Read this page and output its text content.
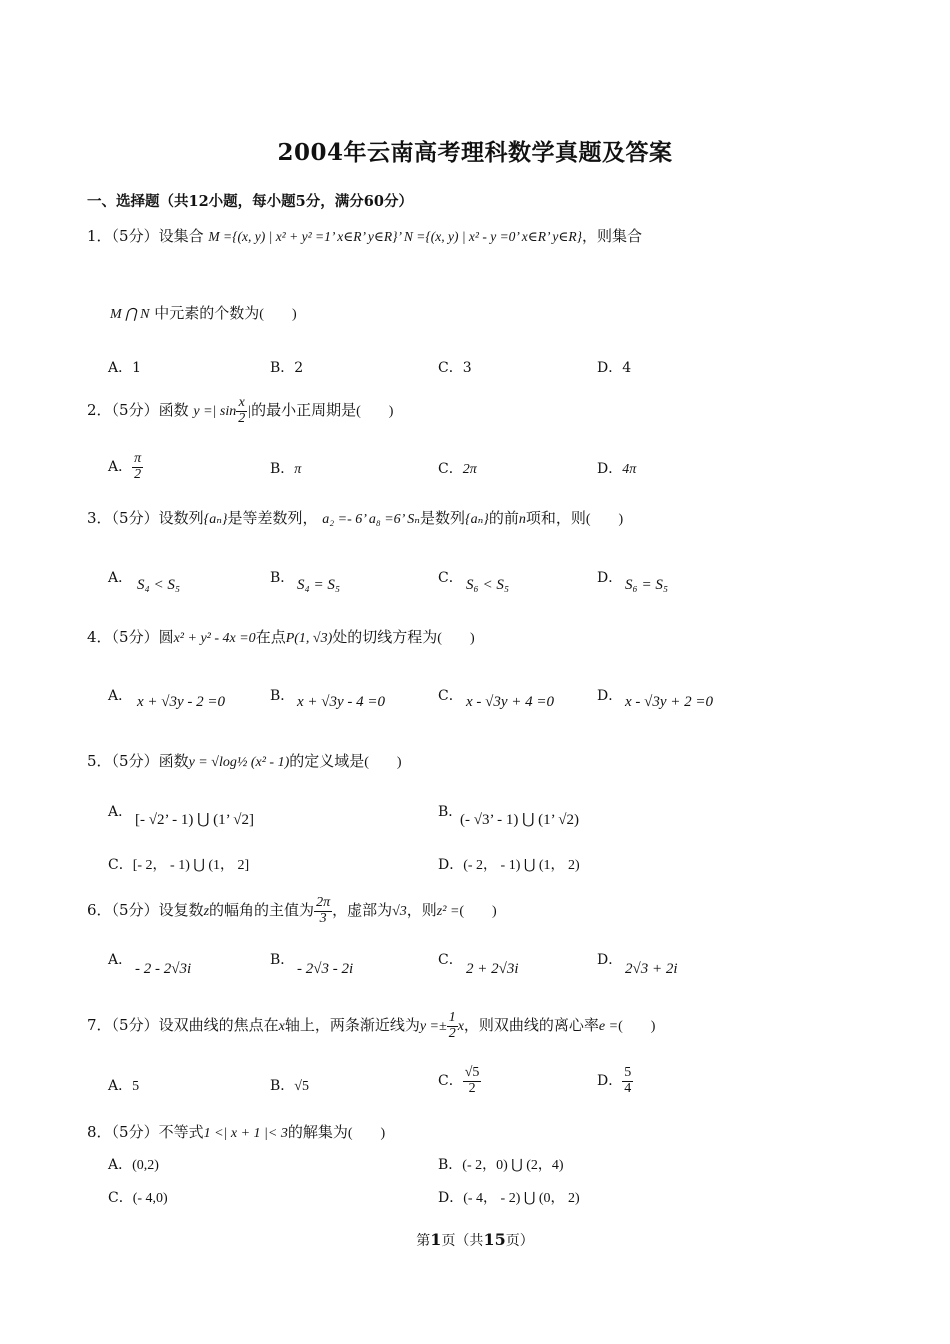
2004年云南高考理科数学真题及答案
一、选择题（共12小题，每小题5分，满分60分）
1．（5分）设集合 M ={(x, y) | x² + y² =1’ x∈R’ y∈R}’ N ={(x, y) | x² - y =0’ x∈R’ y∈R}，则集合
M ⋂ N 中元素的个数为(　　)
A．1	B．2	C．3	D．4
2．（5分）函数 y =| $\sin \frac{x}{2}$ |的最小正周期是(　　)
A． $\frac{\pi}{2}$	B．π	C．2π	D．4π
3．（5分）设数列{aₙ}是等差数列， a₂ =- 6’ a₈ =6’ Sₙ是数列{aₙ}的前n项和，则(　　)
A． S₄ < S₅	B． S₄ = S₅	C． S₆ < S₅	D． S₆ = S₅
4．（5分）圆x² + y² - 4x =0在点P(1, √3)处的切线方程为(　　)
A． x + √3y - 2 =0	B． x + √3y - 4 =0	C． x - √3y + 4 =0	D． x - √3y + 2 =0
5．（5分）函数y = √log½ (x² - 1)的定义域是(　　)
A． [- √2’ - 1) ⋃ (1’ √2]	B．
(- √3’ - 1) ⋃ (1’ √2)
C．[- 2， - 1) ⋃ (1， 2]	D．(- 2， - 1) ⋃ (1， 2)
6．（5分）设复数z的幅角的主值为 $\frac{2\pi}{3}$ ，虚部为√3，则z² =(　　)
A．
- 2 - 2√3i
B．
- 2√3 - 2i
C．
2 + 2√3i
D．
2√3 + 2i
7．（5分）设双曲线的焦点在x轴上，两条渐近线为$y =\pm \frac{1}{2}$ x，则双曲线的离心率e =(　　)
A．5	B．√5	C． $\frac{√5}{2}$	D． $\frac{5}{4}$
8．（5分）不等式1 <| x + 1 |< 3的解集为(　　)
A．(0,2)	B．(- 2，0) ⋃ (2，4)
C．(- 4,0)	D．(- 4， - 2) ⋃ (0， 2)
第1页（共15页）
